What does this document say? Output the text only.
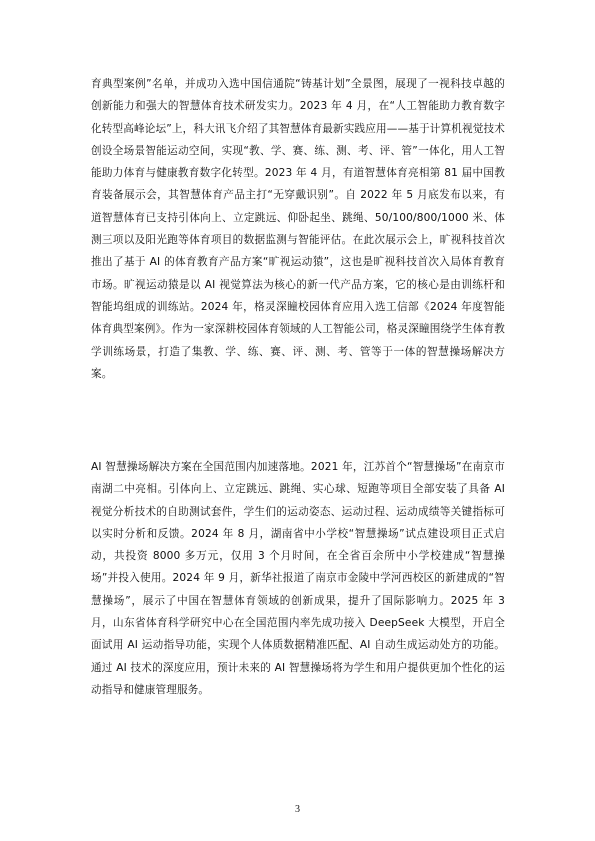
育典型案例”名单，并成功入选中国信通院“铸基计划”全景图，展现了一视科技卓越的创新能力和强大的智慧体育技术研发实力。2023 年 4 月，在“人工智能助力教育数字化转型高峰论坛”上，科大讯飞介绍了其智慧体育最新实践应用——基于计算机视觉技术创设全场景智能运动空间，实现“教、学、赛、练、测、考、评、管”一体化，用人工智能助力体育与健康教育数字化转型。2023 年 4 月，有道智慧体育亮相第 81 届中国教育装备展示会，其智慧体育产品主打“无穿戴识别”。自 2022 年 5 月底发布以来，有道智慧体育已支持引体向上、立定跳远、仰卧起坐、跳绳、50/100/800/1000 米、体测三项以及阳光跑等体育项目的数据监测与智能评估。在此次展示会上，旷视科技首次推出了基于 AI 的体育教育产品方案“旷视运动猿”，这也是旷视科技首次入局体育教育市场。旷视运动猿是以 AI 视觉算法为核心的新一代产品方案，它的核心是由训练杆和智能坞组成的训练站。2024 年，格灵深瞳校园体育应用入选工信部《2024 年度智能体育典型案例》。作为一家深耕校园体育领域的人工智能公司，格灵深瞳围绕学生体育教学训练场景，打造了集教、学、练、赛、评、测、考、管等于一体的智慧操场解决方案。

AI 智慧操场解决方案在全国范围内加速落地。2021 年，江苏首个“智慧操场”在南京市南湖二中亮相。引体向上、立定跳远、跳绳、实心球、短跑等项目全部安装了具备 AI 视觉分析技术的自助测试套件，学生们的运动姿态、运动过程、运动成绩等关键指标可以实时分析和反馈。2024 年 8 月，湖南省中小学校“智慧操场”试点建设项目正式启动，共投资 8000 多万元，仅用 3 个月时间，在全省百余所中小学校建成“智慧操场”并投入使用。2024 年 9 月，新华社报道了南京市金陵中学河西校区的新建成的“智慧操场”，展示了中国在智慧体育领域的创新成果，提升了国际影响力。2025 年 3 月，山东省体育科学研究中心在全国范围内率先成功接入 DeepSeek 大模型，开启全面试用 AI 运动指导功能，实现个人体质数据精准匹配、AI 自动生成运动处方的功能。通过 AI 技术的深度应用，预计未来的 AI 智慧操场将为学生和用户提供更加个性化的运动指导和健康管理服务。

3
